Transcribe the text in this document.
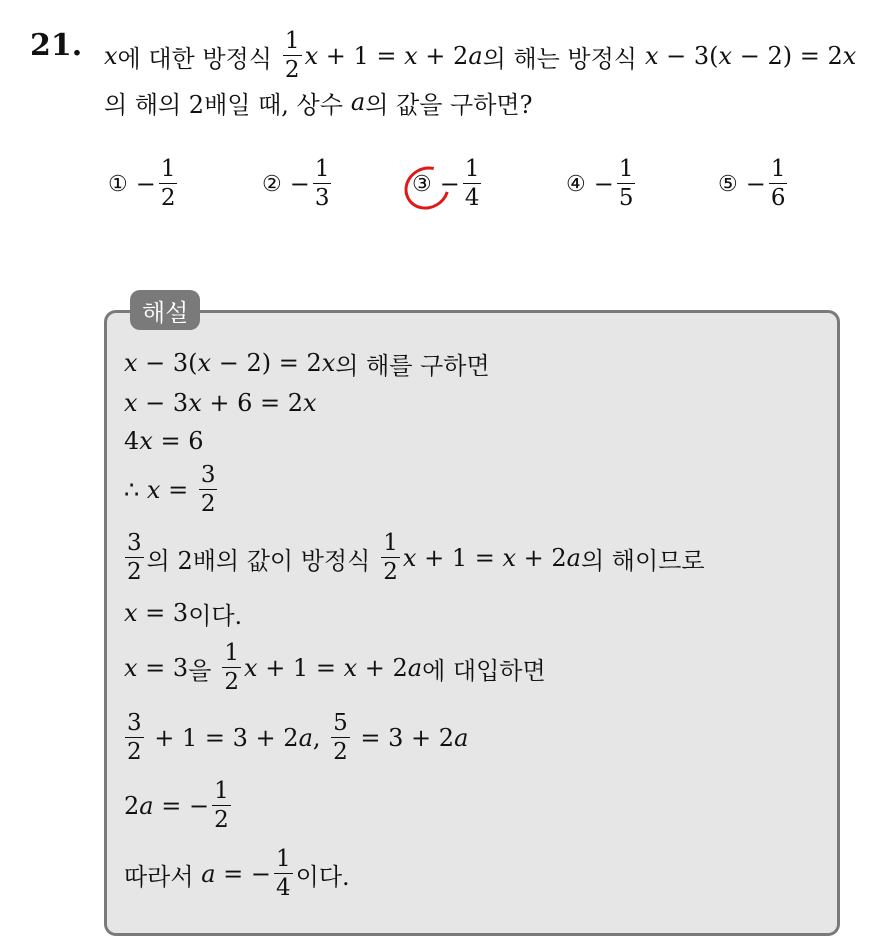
21. x 에 대한 방정식 $\frac{1}{2}$ x + 1 = x + 2 a 의 해는 방정식 x − 3( x − 2) = 2 x
의 해의 2배일 때, 상수 a 의 값을 구하면?
① − $\frac{1}{2}$	② − $\frac{1}{3}$	③ − $\frac{1}{4}$	④ − $\frac{1}{5}$	⑤ − $\frac{1}{6}$
해설
x − 3( x − 2) = 2 x 의 해를 구하면
x − 3 x + 6 = 2 x
4 x = 6
∴ $x = \frac{3}{2}$
$\frac{3}{2}$ 의 2배의 값이 방정식 $\frac{1}{2}$ x + 1 = x + 2 a 의 해이므로
x = 3 이다.
x = 3 을 $\frac{1}{2}$ x + 1 = x + 2 a 에 대입하면
$\frac{3}{2} + 1 = 3 + 2$ a , $\frac{5}{2} = 3 + 2$ a
2 a = − $\frac{1}{2}$
따라서
a = − $\frac{1}{4}$ 이다.
